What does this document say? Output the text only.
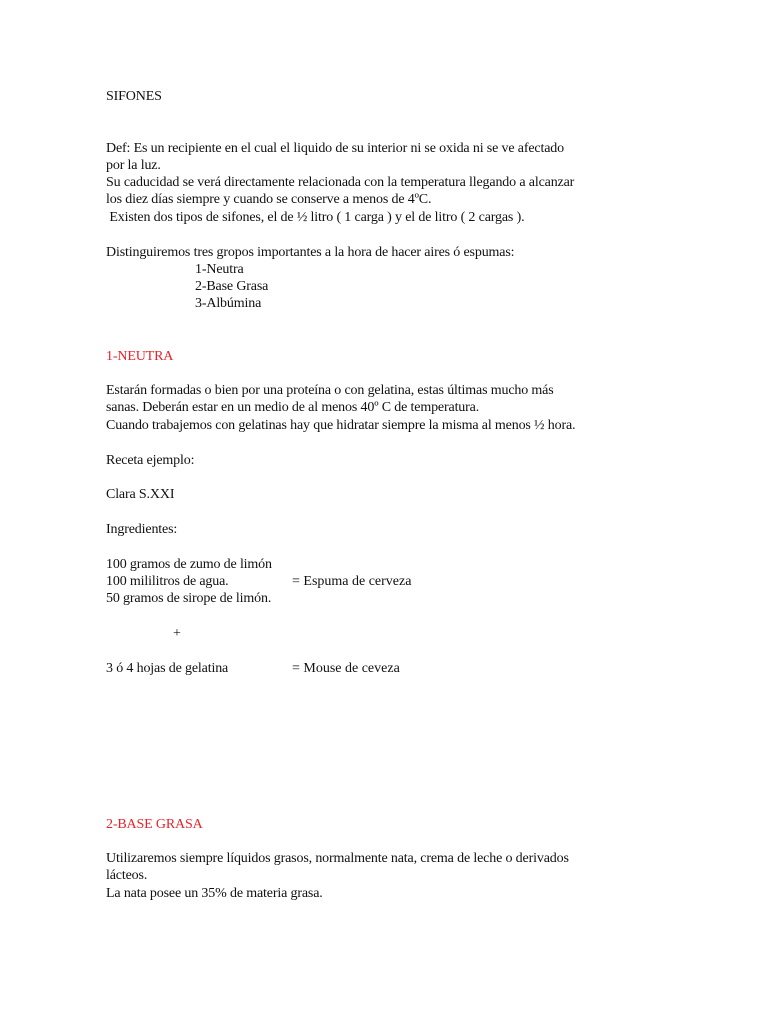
SIFONES
Def: Es un recipiente en el cual el liquido de su interior ni se oxida ni se ve afectado
por la luz.
Su caducidad se verá directamente relacionada con la temperatura llegando a alcanzar
los diez días siempre y cuando se conserve a menos de 4ºC.
Existen dos tipos de sifones, el de ½ litro ( 1 carga ) y el de litro ( 2 cargas ).
Distinguiremos tres gropos importantes a la hora de hacer aires ó espumas:
1-Neutra
2-Base Grasa
3-Albúmina
1-NEUTRA
Estarán formadas o bien por una proteína o con gelatina, estas últimas mucho más
sanas. Deberán estar en un medio de al menos 40º C de temperatura.
Cuando trabajemos con gelatinas hay que hidratar siempre la misma al menos ½ hora.
Receta ejemplo:
Clara S.XXI
Ingredientes:
100 gramos de zumo de limón
100 mililitros de agua.	= Espuma de cerveza
50 gramos de sirope de limón.
+
3 ó 4 hojas de gelatina	= Mouse de ceveza
2-BASE GRASA
Utilizaremos siempre líquidos grasos, normalmente nata, crema de leche o derivados
lácteos.
La nata posee un 35% de materia grasa.
